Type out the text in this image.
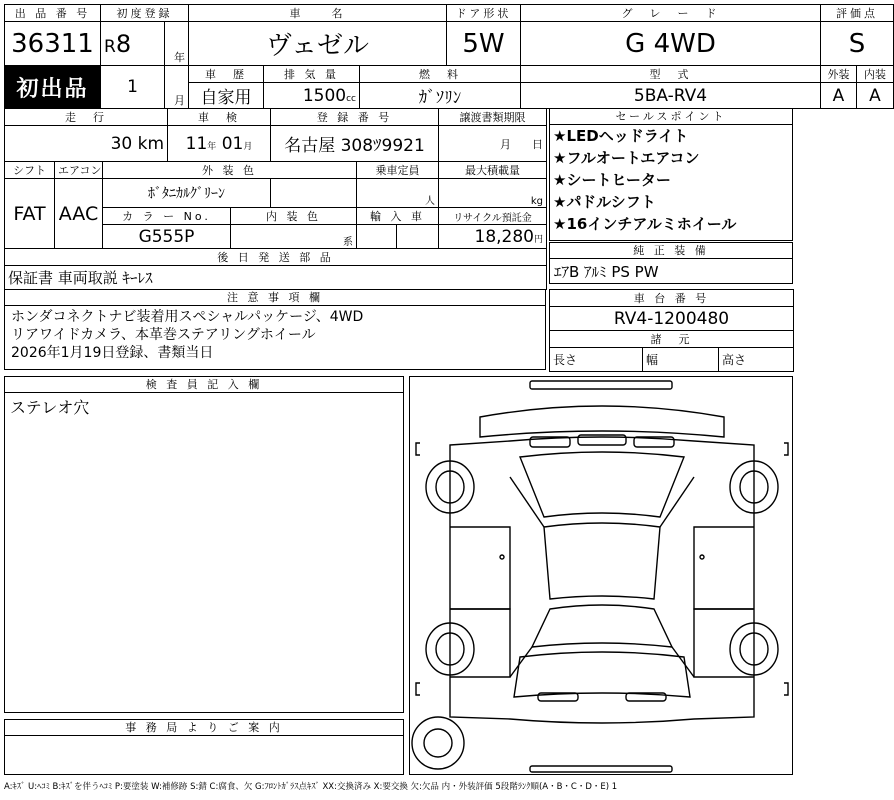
出 品 番 号	初度登録		車　　名			ドア形状	グ　レ　ー　ド	評価点	
36311	R8	年	ヴェゼル			5W	G 4WD	S	
初出品	1	月	車　歴	排 気 量	燃　料		型　式	外装	内装
			自家用	1500cc	ｶﾞｿﾘﾝ		5BA-RV4	A	A
走　行			車　検		登 録 番 号			譲渡書類期限
30 km			11年 01月		名古屋 308ﾂ9921			月 日
シフト	エアコン	外 装 色				乗車定員		最大積載量
FAT	AAC	ﾎﾞﾀﾆｶﾙｸﾞﾘｰﾝ				人		kg
		カ ラ ー No.		内 装 色		輸 入 車		リサイクル預託金
		G555P		系				18,280円
後 日 発 送 部 品								
保証書 車両取説 ｷｰﾚｽ								
セールスポイント
★LEDヘッドライト
★フルオートエアコン
★シートヒーター
★パドルシフト
★16インチアルミホイール
純 正 装 備
ｴｱB ｱﾙﾐ PS PW
注 意 事 項 欄
ホンダコネクトナビ装着用スペシャルパッケージ、4WD
リアワイドカメラ、本革巻ステアリングホイール
2026年1月19日登録、書類当日
車 台 番 号
RV4-1200480
諸　元
長さ	幅	高さ
検 査 員 記 入 欄
ステレオ穴
事 務 局 よ り ご 案 内
A:ｷｽﾞ U:ﾍｺﾐ B:ｷｽﾞを伴うﾍｺﾐ P:要塗装 W:補修跡 S:錆 C:腐食、欠 G:ﾌﾛﾝﾄｶﾞﾗｽ点ｷｽﾞ XX:交換済み X:要交換 欠:欠品 内・外装評価 5段階ﾗﾝｸ順(A・B・C・D・E) 1
